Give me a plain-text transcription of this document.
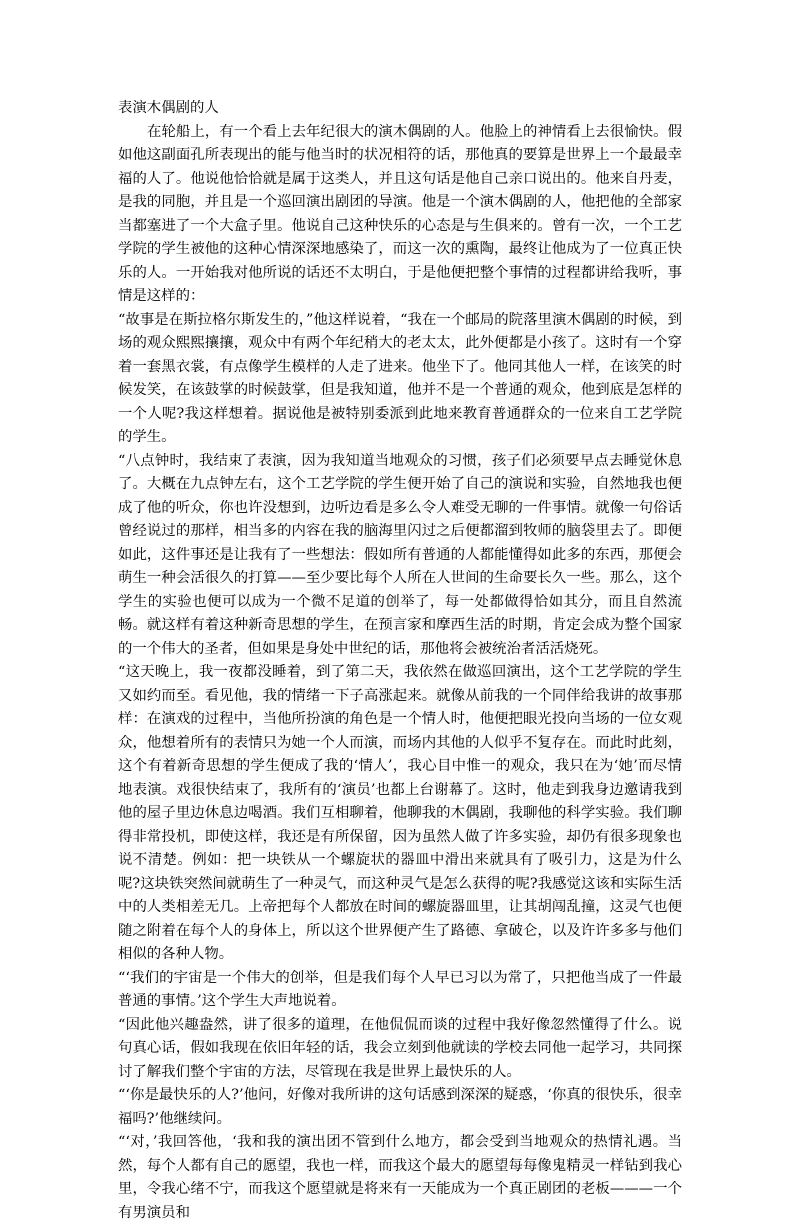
表演木偶剧的人

在轮船上，有一个看上去年纪很大的演木偶剧的人。他脸上的神情看上去很愉快。假如他这副面孔所表现出的能与他当时的状况相符的话，那他真的要算是世界上一个最最幸福的人了。他说他恰恰就是属于这类人，并且这句话是他自己亲口说出的。他来自丹麦，是我的同胞，并且是一个巡回演出剧团的导演。他是一个演木偶剧的人，他把他的全部家当都塞进了一个大盒子里。他说自己这种快乐的心态是与生俱来的。曾有一次，一个工艺学院的学生被他的这种心情深深地感染了，而这一次的熏陶，最终让他成为了一位真正快乐的人。一开始我对他所说的话还不太明白，于是他便把整个事情的过程都讲给我听，事情是这样的：

“故事是在斯拉格尔斯发生的，”他这样说着，“我在一个邮局的院落里演木偶剧的时候，到场的观众熙熙攘攘，观众中有两个年纪稍大的老太太，此外便都是小孩了。这时有一个穿着一套黑衣裳，有点像学生模样的人走了进来。他坐下了。他同其他人一样，在该笑的时候发笑，在该鼓掌的时候鼓掌，但是我知道，他并不是一个普通的观众，他到底是怎样的一个人呢?我这样想着。据说他是被特别委派到此地来教育普通群众的一位来自工艺学院的学生。

“八点钟时，我结束了表演，因为我知道当地观众的习惯，孩子们必须要早点去睡觉休息了。大概在九点钟左右，这个工艺学院的学生便开始了自己的演说和实验，自然地我也便成了他的听众，你也许没想到，边听边看是多么令人难受无聊的一件事情。就像一句俗话曾经说过的那样，相当多的内容在我的脑海里闪过之后便都溜到牧师的脑袋里去了。即便如此，这件事还是让我有了一些想法：假如所有普通的人都能懂得如此多的东西，那便会萌生一种会活很久的打算——至少要比每个人所在人世间的生命要长久一些。那么，这个学生的实验也便可以成为一个微不足道的创举了，每一处都做得恰如其分，而且自然流畅。就这样有着这种新奇思想的学生，在预言家和摩西生活的时期，肯定会成为整个国家的一个伟大的圣者，但如果是身处中世纪的话，那他将会被统治者活活烧死。

“这天晚上，我一夜都没睡着，到了第二天，我依然在做巡回演出，这个工艺学院的学生又如约而至。看见他，我的情绪一下子高涨起来。就像从前我的一个同伴给我讲的故事那样：在演戏的过程中，当他所扮演的角色是一个情人时，他便把眼光投向当场的一位女观众，他想着所有的表情只为她一个人而演，而场内其他的人似乎不复存在。而此时此刻，这个有着新奇思想的学生便成了我的‘情人’，我心目中惟一的观众，我只在为‘她’而尽情地表演。戏很快结束了，我所有的‘演员’也都上台谢幕了。这时，他走到我身边邀请我到他的屋子里边休息边喝酒。我们互相聊着，他聊我的木偶剧，我聊他的科学实验。我们聊得非常投机，即使这样，我还是有所保留，因为虽然人做了许多实验，却仍有很多现象也说不清楚。例如：把一块铁从一个螺旋状的器皿中滑出来就具有了吸引力，这是为什么呢?这块铁突然间就萌生了一种灵气，而这种灵气是怎么获得的呢?我感觉这该和实际生活中的人类相差无几。上帝把每个人都放在时间的螺旋器皿里，让其胡闯乱撞，这灵气也便随之附着在每个人的身体上，所以这个世界便产生了路德、拿破仑，以及许许多多与他们相似的各种人物。

“‘我们的宇宙是一个伟大的创举，但是我们每个人早已习以为常了，只把他当成了一件最普通的事情。’这个学生大声地说着。

“因此他兴趣盎然，讲了很多的道理，在他侃侃而谈的过程中我好像忽然懂得了什么。说句真心话，假如我现在依旧年轻的话，我会立刻到他就读的学校去同他一起学习，共同探讨了解我们整个宇宙的方法，尽管现在我是世界上最快乐的人。

“‘你是最快乐的人?’他问，好像对我所讲的这句话感到深深的疑惑，‘你真的很快乐，很幸福吗?’他继续问。

“‘对，’我回答他，‘我和我的演出团不管到什么地方，都会受到当地观众的热情礼遇。当然，每个人都有自己的愿望，我也一样，而我这个最大的愿望每每像鬼精灵一样钻到我心里，令我心绪不宁，而我这个愿望就是将来有一天能成为一个真正剧团的老板———一个有男演员和
